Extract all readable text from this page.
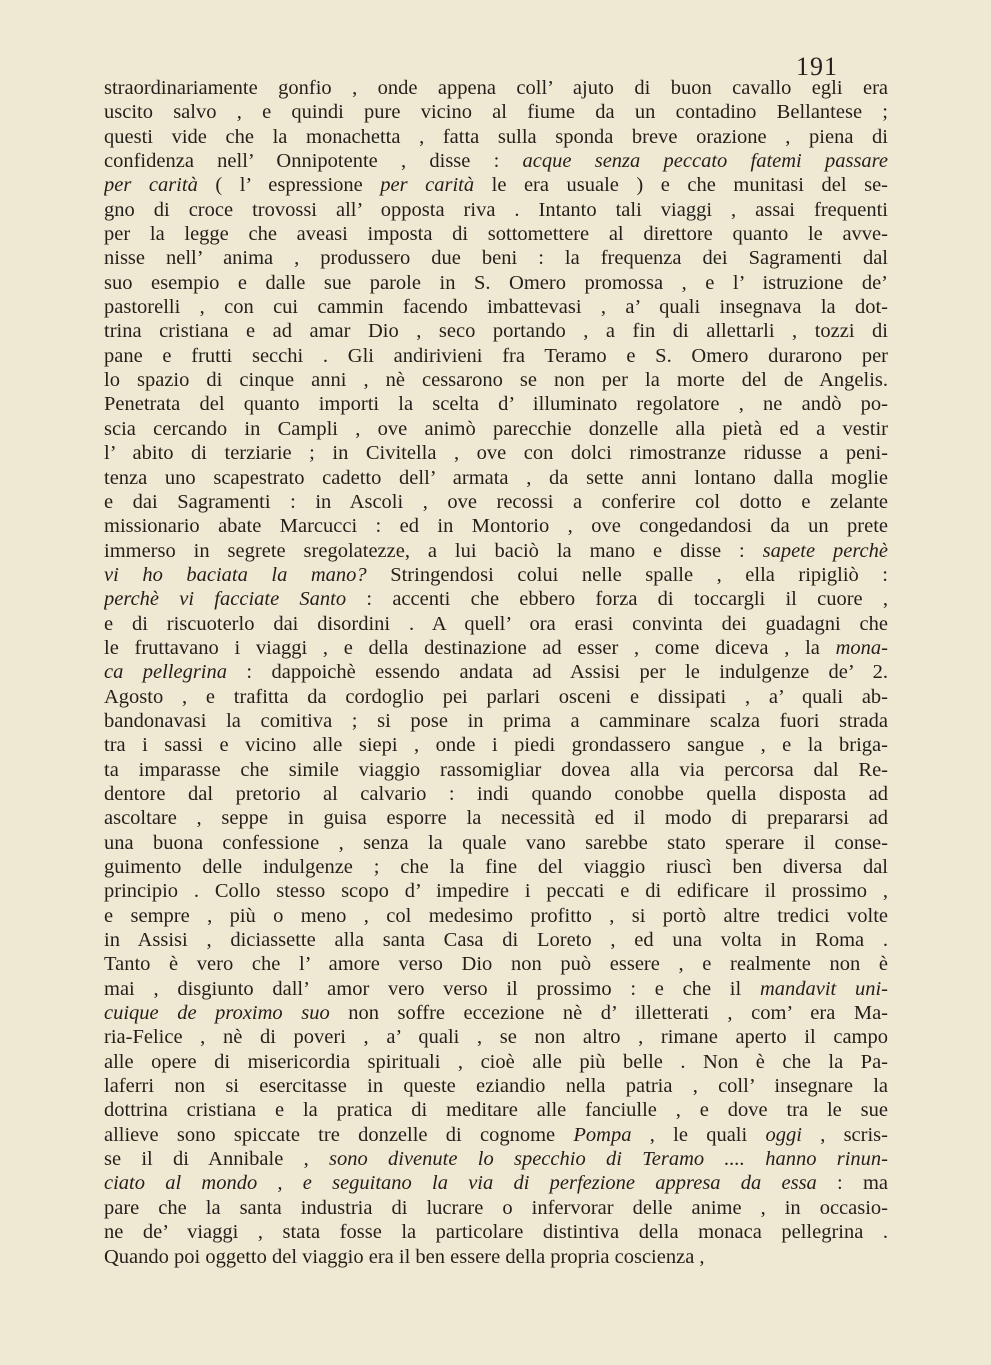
191
straordinariamente gonfio , onde appena coll’ ajuto di buon cavallo egli era
uscito salvo , e quindi pure vicino al fiume da un contadino Bellantese ;
questi vide che la monachetta , fatta sulla sponda breve orazione , piena di
confidenza nell’ Onnipotente , disse : acque senza peccato fatemi passare
per carità ( l’ espressione per carità le era usuale ) e che munitasi del se-
gno di croce trovossi all’ opposta riva . Intanto tali viaggi , assai frequenti
per la legge che aveasi imposta di sottomettere al direttore quanto le avve-
nisse nell’ anima , produssero due beni : la frequenza dei Sagramenti dal
suo esempio e dalle sue parole in S. Omero promossa , e l’ istruzione de’
pastorelli , con cui cammin facendo imbattevasi , a’ quali insegnava la dot-
trina cristiana e ad amar Dio , seco portando , a fin di allettarli , tozzi di
pane e frutti secchi . Gli andirivieni fra Teramo e S. Omero durarono per
lo spazio di cinque anni , nè cessarono se non per la morte del de Angelis.
Penetrata del quanto importi la scelta d’ illuminato regolatore , ne andò po-
scia cercando in Campli , ove animò parecchie donzelle alla pietà ed a vestir
l’ abito di terziarie ; in Civitella , ove con dolci rimostranze ridusse a peni-
tenza uno scapestrato cadetto dell’ armata , da sette anni lontano dalla moglie
e dai Sagramenti : in Ascoli , ove recossi a conferire col dotto e zelante
missionario abate Marcucci : ed in Montorio , ove congedandosi da un prete
immerso in segrete sregolatezze, a lui baciò la mano e disse : sapete perchè
vi ho baciata la mano? Stringendosi colui nelle spalle , ella ripigliò :
perchè vi facciate Santo : accenti che ebbero forza di toccargli il cuore ,
e di riscuoterlo dai disordini . A quell’ ora erasi convinta dei guadagni che
le fruttavano i viaggi , e della destinazione ad esser , come diceva , la mona-
ca pellegrina : dappoichè essendo andata ad Assisi per le indulgenze de’ 2.
Agosto , e trafitta da cordoglio pei parlari osceni e dissipati , a’ quali ab-
bandonavasi la comitiva ; si pose in prima a camminare scalza fuori strada
tra i sassi e vicino alle siepi , onde i piedi grondassero sangue , e la briga-
ta imparasse che simile viaggio rassomigliar dovea alla via percorsa dal Re-
dentore dal pretorio al calvario : indi quando conobbe quella disposta ad
ascoltare , seppe in guisa esporre la necessità ed il modo di prepararsi ad
una buona confessione , senza la quale vano sarebbe stato sperare il conse-
guimento delle indulgenze ; che la fine del viaggio riuscì ben diversa dal
principio . Collo stesso scopo d’ impedire i peccati e di edificare il prossimo ,
e sempre , più o meno , col medesimo profitto , si portò altre tredici volte
in Assisi , diciassette alla santa Casa di Loreto , ed una volta in Roma .
Tanto è vero che l’ amore verso Dio non può essere , e realmente non è
mai , disgiunto dall’ amor vero verso il prossimo : e che il mandavit uni-
cuique de proximo suo non soffre eccezione nè d’ illetterati , com’ era Ma-
ria-Felice , nè di poveri , a’ quali , se non altro , rimane aperto il campo
alle opere di misericordia spirituali , cioè alle più belle . Non è che la Pa-
laferri non si esercitasse in queste eziandio nella patria , coll’ insegnare la
dottrina cristiana e la pratica di meditare alle fanciulle , e dove tra le sue
allieve sono spiccate tre donzelle di cognome Pompa , le quali oggi , scris-
se il di Annibale , sono divenute lo specchio di Teramo .... hanno rinun-
ciato al mondo , e seguitano la via di perfezione appresa da essa : ma
pare che la santa industria di lucrare o infervorar delle anime , in occasio-
ne de’ viaggi , stata fosse la particolare distintiva della monaca pellegrina .
Quando poi oggetto del viaggio era il ben essere della propria coscienza ,
